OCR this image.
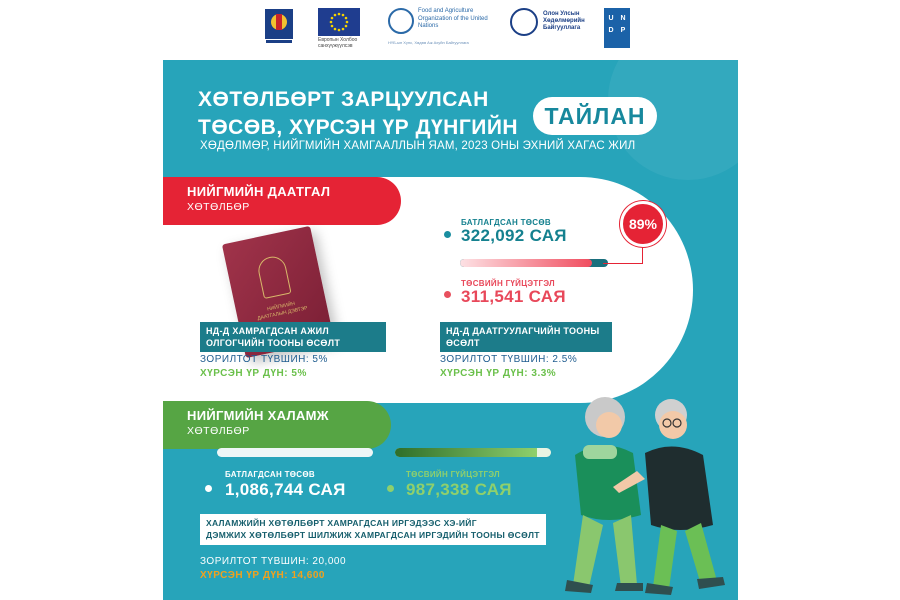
Европын Холбоо санхүүжүүлсэв
Food and Agriculture Organization of the United Nations
НҮБ-ын Хүнс, Хөдөө Аж Ахуйн Байгууллага
Олон Улсын Хөдөлмөрийн Байгууллага
U N
D	P
ХӨТӨЛБӨРТ ЗАРЦУУЛСАН
ТӨСӨВ, ХҮРСЭН ҮР ДҮНГИЙН	ТАЙЛАН
ХӨДӨЛМӨР, НИЙГМИЙН ХАМГААЛЛЫН ЯАМ, 2023 ОНЫ ЭХНИЙ ХАГАС ЖИЛ
НИЙГМИЙН ДААТГАЛ
ХӨТӨЛБӨР
НИЙГМИЙН ДААТГАЛЫН ДЭВТЭР
БАТЛАГДСАН ТӨСӨВ
322,092 САЯ
89%
ТӨСВИЙН ГҮЙЦЭТГЭЛ
311,541 САЯ
НД-Д ХАМРАГДСАН АЖИЛ ОЛГОГЧИЙН ТООНЫ ӨСӨЛТ
ЗОРИЛТОТ ТҮВШИН: 5%
ХҮРСЭН ҮР ДҮН: 5%
НД-Д ДААТГУУЛАГЧИЙН ТООНЫ ӨСӨЛТ
ЗОРИЛТОТ ТҮВШИН: 2.5%
ХҮРСЭН ҮР ДҮН: 3.3%
НИЙГМИЙН ХАЛАМЖ
ХӨТӨЛБӨР
БАТЛАГДСАН ТӨСӨВ
1,086,744 САЯ
ТӨСВИЙН ГҮЙЦЭТГЭЛ
987,338 САЯ
ХАЛАМЖИЙН ХӨТӨЛБӨРТ ХАМРАГДСАН ИРГЭДЭЭС ХЭ-ИЙГ
ДЭМЖИХ ХӨТӨЛБӨРТ ШИЛЖИЖ ХАМРАГДСАН ИРГЭДИЙН ТООНЫ ӨСӨЛТ
ЗОРИЛТОТ ТҮВШИН: 20,000
ХҮРСЭН ҮР ДҮН: 14,600
